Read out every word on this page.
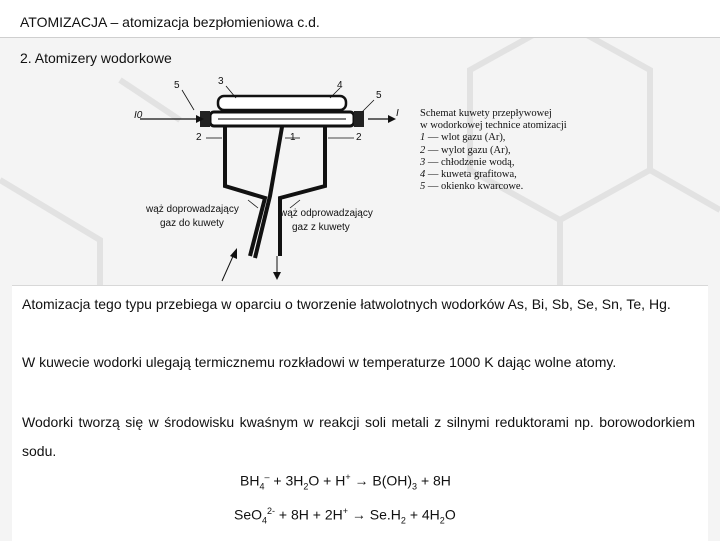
ATOMIZACJA – atomizacja bezpłomieniowa c.d.
2. Atomizery wodorkowe
5	3	4
5
I0	I
2	1	2
wąż doprowadzający
gaz do kuwety
wąż odprowadzający
gaz z kuwety
Schemat kuwety przepływowej
w wodorkowej technice atomizacji
1 — wlot gazu (Ar),
2 — wylot gazu (Ar),
3 — chłodzenie wodą,
4 — kuweta grafitowa,
5 — okienko kwarcowe.
Atomizacja tego typu przebiega w oparciu o tworzenie łatwolotnych wodorków As, Bi, Sb, Se, Sn, Te, Hg.
W kuwecie wodorki ulegają termicznemu rozkładowi w temperaturze 1000 K dając wolne atomy.
Wodorki tworzą się w środowisku kwaśnym w reakcji soli metali z silnymi reduktorami np. borowodorkiem sodu.
$BH_4^- + 3H_2O + H^+ \to B(OH)_3 + 8H$
$SeO_4^{2-} + 8H + 2H^+ \to Se.H_2 + 4H_2O$
